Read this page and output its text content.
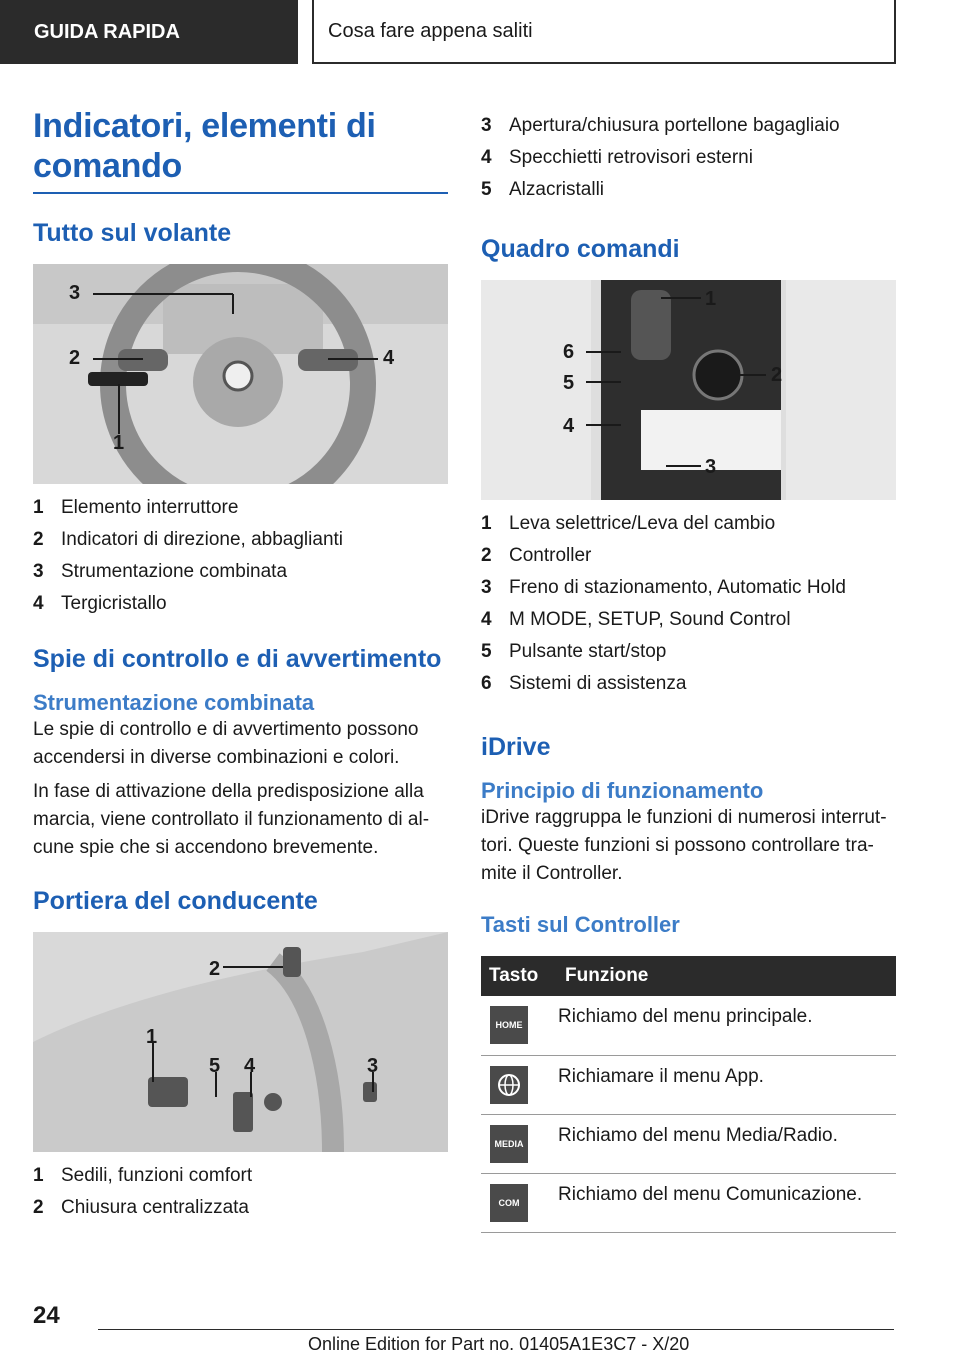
GUIDA RAPIDA	Cosa fare appena saliti
Indicatori, elementi di comando
Tutto sul volante
3
2	4
1
1 Elemento interruttore
2 Indicatori di direzione, abbaglianti
3 Strumentazione combinata
4 Tergicristallo
Spie di controllo e di avvertimento
Strumentazione combinata

Le spie di controllo e di avvertimento possono accendersi in diverse combinazioni e colori.

In fase di attivazione della predisposizione alla marcia, viene controllato il funzionamento di al-cune spie che si accendono brevemente.

Portiera del conducente
2
1
5 4	3
1 Sedili, funzioni comfort
2 Chiusura centralizzata
3 Apertura/chiusura portellone bagagliaio
4 Specchietti retrovisori esterni
5 Alzacristalli
Quadro comandi
1
2
6
5
4
3
1 Leva selettrice/Leva del cambio
2 Controller
3 Freno di stazionamento, Automatic Hold
4 M MODE, SETUP, Sound Control
5 Pulsante start/stop
6 Sistemi di assistenza
iDrive
Principio di funzionamento

iDrive raggruppa le funzioni di numerosi interrut-tori. Queste funzioni si possono controllare tra-mite il Controller.

Tasti sul Controller
Tasto	Funzione

HOME	Richiamo del menu principale.

	Richiamare il menu App.

MEDIA	Richiamo del menu Media/Radio.

COM	Richiamo del menu Comunicazione.
24
Online Edition for Part no. 01405A1E3C7 - X/20
